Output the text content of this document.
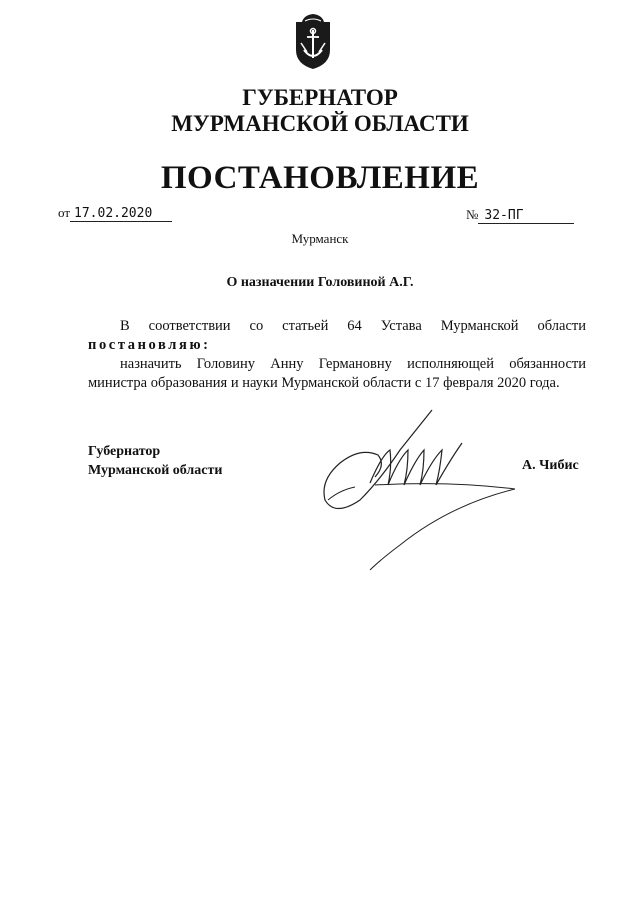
ГУБЕРНАТОР
МУРМАНСКОЙ ОБЛАСТИ
ПОСТАНОВЛЕНИЕ
от 17.02.2020	№ 32-ПГ
Мурманск
О назначении Головиной А.Г.
В соответствии со статьей 64 Устава Мурманской области
постановляю:

назначить Головину Анну Германовну исполняющей обязанности министра образования и науки Мурманской области с 17 февраля 2020 года.

Губернатор
Мурманской области	А. Чибис
